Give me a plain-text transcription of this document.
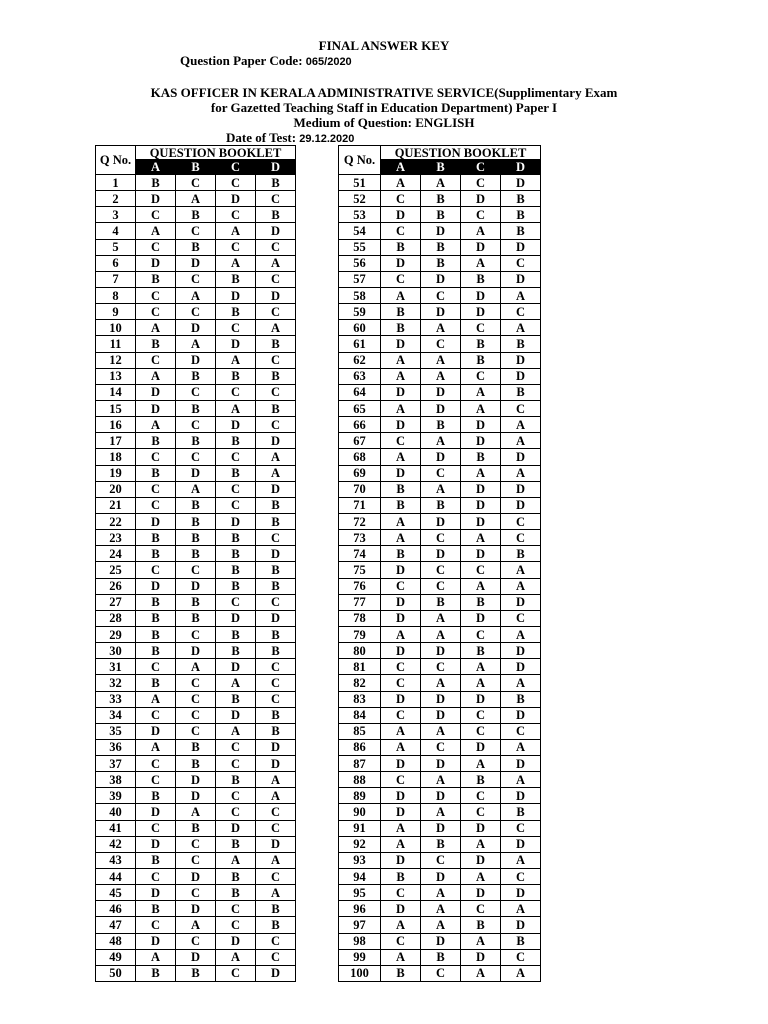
FINAL ANSWER KEY
Question Paper Code: 065/2020
KAS OFFICER IN KERALA ADMINISTRATIVE SERVICE(Supplimentary Exam
for Gazetted Teaching Staff in Education Department) Paper I
Medium of Question: ENGLISH
Date of Test: 29.12.2020
Q No.	QUESTION BOOKLET			
	A	B	C	D
1	B	C	C	B
2	D	A	D	C
3	C	B	C	B
4	A	C	A	D
5	C	B	C	C
6	D	D	A	A
7	B	C	B	C
8	C	A	D	D
9	C	C	B	C
10	A	D	C	A
11	B	A	D	B
12	C	D	A	C
13	A	B	B	B
14	D	C	C	C
15	D	B	A	B
16	A	C	D	C
17	B	B	B	D
18	C	C	C	A
19	B	D	B	A
20	C	A	C	D
21	C	B	C	B
22	D	B	D	B
23	B	B	B	C
24	B	B	B	D
25	C	C	B	B
26	D	D	B	B
27	B	B	C	C
28	B	B	D	D
29	B	C	B	B
30	B	D	B	B
31	C	A	D	C
32	B	C	A	C
33	A	C	B	C
34	C	C	D	B
35	D	C	A	B
36	A	B	C	D
37	C	B	C	D
38	C	D	B	A
39	B	D	C	A
40	D	A	C	C
41	C	B	D	C
42	D	C	B	D
43	B	C	A	A
44	C	D	B	C
45	D	C	B	A
46	B	D	C	B
47	C	A	C	B
48	D	C	D	C
49	A	D	A	C
50	B	B	C	D
Q No.	QUESTION BOOKLET			
	A	B	C	D
51	A	A	C	D
52	C	B	D	B
53	D	B	C	B
54	C	D	A	B
55	B	B	D	D
56	D	B	A	C
57	C	D	B	D
58	A	C	D	A
59	B	D	D	C
60	B	A	C	A
61	D	C	B	B
62	A	A	B	D
63	A	A	C	D
64	D	D	A	B
65	A	D	A	C
66	D	B	D	A
67	C	A	D	A
68	A	D	B	D
69	D	C	A	A
70	B	A	D	D
71	B	B	D	D
72	A	D	D	C
73	A	C	A	C
74	B	D	D	B
75	D	C	C	A
76	C	C	A	A
77	D	B	B	D
78	D	A	D	C
79	A	A	C	A
80	D	D	B	D
81	C	C	A	D
82	C	A	A	A
83	D	D	D	B
84	C	D	C	D
85	A	A	C	C
86	A	C	D	A
87	D	D	A	D
88	C	A	B	A
89	D	D	C	D
90	D	A	C	B
91	A	D	D	C
92	A	B	A	D
93	D	C	D	A
94	B	D	A	C
95	C	A	D	D
96	D	A	C	A
97	A	A	B	D
98	C	D	A	B
99	A	B	D	C
100	B	C	A	A
